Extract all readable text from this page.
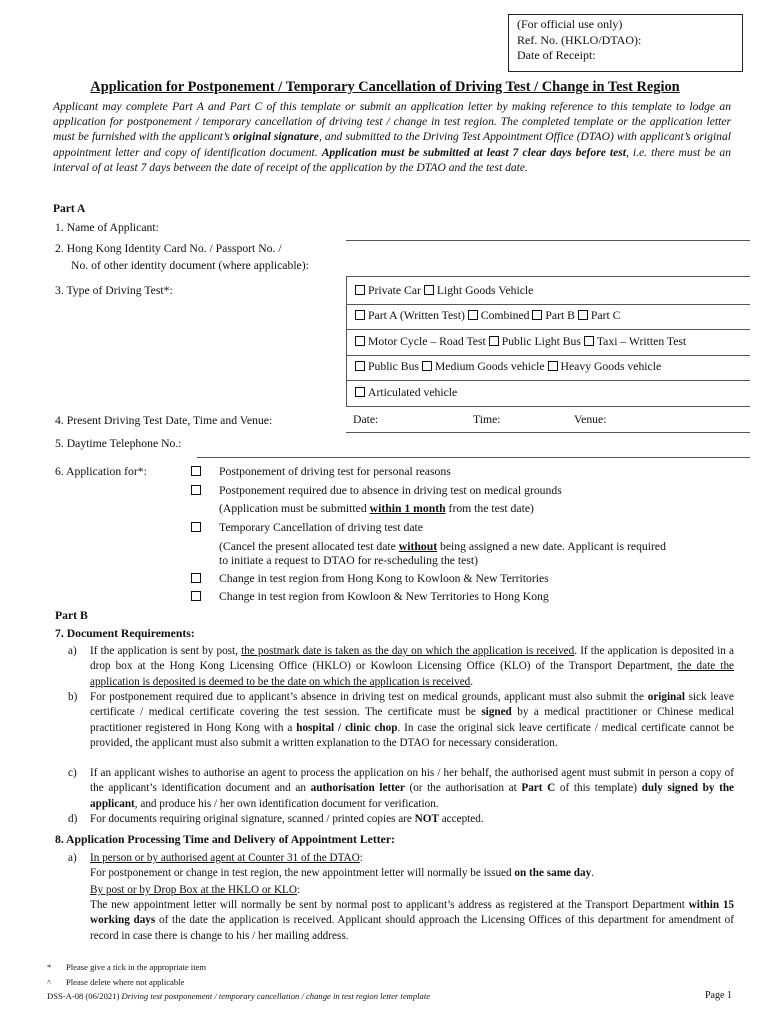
(For official use only)
Ref. No. (HKLO/DTAO):
Date of Receipt:
Application for Postponement / Temporary Cancellation of Driving Test / Change in Test Region
Applicant may complete Part A and Part C of this template or submit an application letter by making reference to this template to lodge an application for postponement / temporary cancellation of driving test / change in test region. The completed template or the application letter must be furnished with the applicant’s original signature, and submitted to the Driving Test Appointment Office (DTAO) with applicant’s original appointment letter and copy of identification document. Application must be submitted at least 7 clear days before test, i.e. there must be an interval of at least 7 days between the date of receipt of the application by the DTAO and the test date.
Part A
1. Name of Applicant:
2. Hong Kong Identity Card No. / Passport No. /
No. of other identity document (where applicable):
3. Type of Driving Test*:	Private Car Light Goods Vehicle
Part A (Written Test) Combined Part B Part C
Motor Cycle – Road Test Public Light Bus Taxi – Written Test
Public Bus Medium Goods vehicle Heavy Goods vehicle
Articulated vehicle
4. Present Driving Test Date, Time and Venue:	Date:	Time:	Venue:
5. Daytime Telephone No.:
6. Application for*:	Postponement of driving test for personal reasons
Postponement required due to absence in driving test on medical grounds
(Application must be submitted within 1 month from the test date)
Temporary Cancellation of driving test date
(Cancel the present allocated test date without being assigned a new date. Applicant is required
to initiate a request to DTAO for re-scheduling the test)
Change in test region from Hong Kong to Kowloon & New Territories
Change in test region from Kowloon & New Territories to Hong Kong
Part B
7. Document Requirements:
a) If the application is sent by post, the postmark date is taken as the day on which the application is received. If the application is deposited in a drop box at the Hong Kong Licensing Office (HKLO) or Kowloon Licensing Office (KLO) of the Transport Department, the date the application is deposited is deemed to be the date on which the application is received.
b) For postponement required due to applicant’s absence in driving test on medical grounds, applicant must also submit the original sick leave certificate / medical certificate covering the test session. The certificate must be signed by a medical practitioner or Chinese medical practitioner registered in Hong Kong with a hospital / clinic chop. In case the original sick leave certificate / medical certificate cannot be provided, the applicant must also submit a written explanation to the DTAO for necessary consideration.
c) If an applicant wishes to authorise an agent to process the application on his / her behalf, the authorised agent must submit in person a copy of the applicant’s identification document and an authorisation letter (or the authorisation at Part C of this template) duly signed by the applicant, and produce his / her own identification document for verification.
d) For documents requiring original signature, scanned / printed copies are NOT accepted.
8. Application Processing Time and Delivery of Appointment Letter:
a) In person or by authorised agent at Counter 31 of the DTAO:
For postponement or change in test region, the new appointment letter will normally be issued on the same day.
By post or by Drop Box at the HKLO or KLO:
The new appointment letter will normally be sent by normal post to applicant’s address as registered at the Transport Department within 15 working days of the date the application is received. Applicant should approach the Licensing Offices of this department for amendment of record in case there is change to his / her mailing address.
* Please give a tick in the appropriate item
^ Please delete where not applicable
DSS-A-08 (06/2021) Driving test postponement / temporary cancellation / change in test region letter template	Page 1
